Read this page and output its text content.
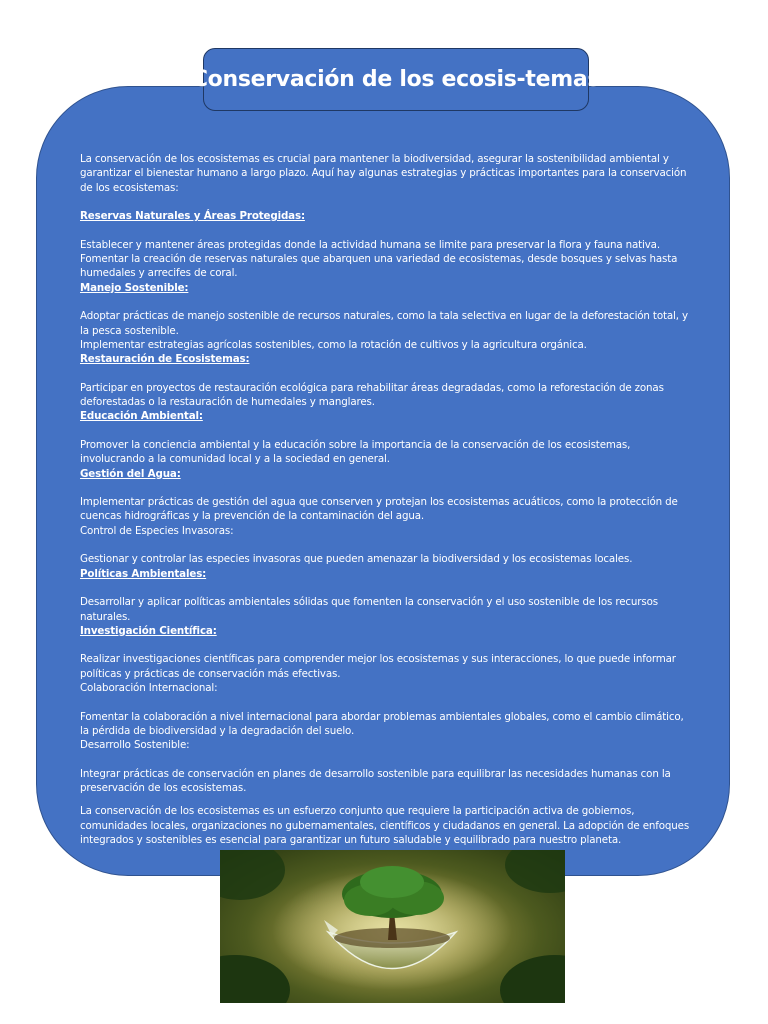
Conservación de los ecosis-temas

La conservación de los ecosistemas es crucial para mantener la biodiversidad, asegurar la sostenibilidad ambiental y garantizar el bienestar humano a largo plazo. Aquí hay algunas estrategias y prácticas importantes para la conservación de los ecosistemas:

Reservas Naturales y Áreas Protegidas:

Establecer y mantener áreas protegidas donde la actividad humana se limite para preservar la flora y fauna nativa.

Fomentar la creación de reservas naturales que abarquen una variedad de ecosistemas, desde bosques y selvas hasta humedales y arrecifes de coral.

Manejo Sostenible:

Adoptar prácticas de manejo sostenible de recursos naturales, como la tala selectiva en lugar de la deforestación total, y la pesca sostenible.

Implementar estrategias agrícolas sostenibles, como la rotación de cultivos y la agricultura orgánica.

Restauración de Ecosistemas:

Participar en proyectos de restauración ecológica para rehabilitar áreas degradadas, como la reforestación de zonas deforestadas o la restauración de humedales y manglares.

Educación Ambiental:

Promover la conciencia ambiental y la educación sobre la importancia de la conservación de los ecosistemas, involucrando a la comunidad local y a la sociedad en general.

Gestión del Agua:

Implementar prácticas de gestión del agua que conserven y protejan los ecosistemas acuáticos, como la protección de cuencas hidrográficas y la prevención de la contaminación del agua.

Control de Especies Invasoras:

Gestionar y controlar las especies invasoras que pueden amenazar la biodiversidad y los ecosistemas locales.

Políticas Ambientales:

Desarrollar y aplicar políticas ambientales sólidas que fomenten la conservación y el uso sostenible de los recursos naturales.

Investigación Científica:

Realizar investigaciones científicas para comprender mejor los ecosistemas y sus interacciones, lo que puede informar políticas y prácticas de conservación más efectivas.

Colaboración Internacional:

Fomentar la colaboración a nivel internacional para abordar problemas ambientales globales, como el cambio climático, la pérdida de biodiversidad y la degradación del suelo.

Desarrollo Sostenible:

Integrar prácticas de conservación en planes de desarrollo sostenible para equilibrar las necesidades humanas con la preservación de los ecosistemas.

La conservación de los ecosistemas es un esfuerzo conjunto que requiere la participación activa de gobiernos, comunidades locales, organizaciones no gubernamentales, científicos y ciudadanos en general. La adopción de enfoques integrados y sostenibles es esencial para garantizar un futuro saludable y equilibrado para nuestro planeta.
